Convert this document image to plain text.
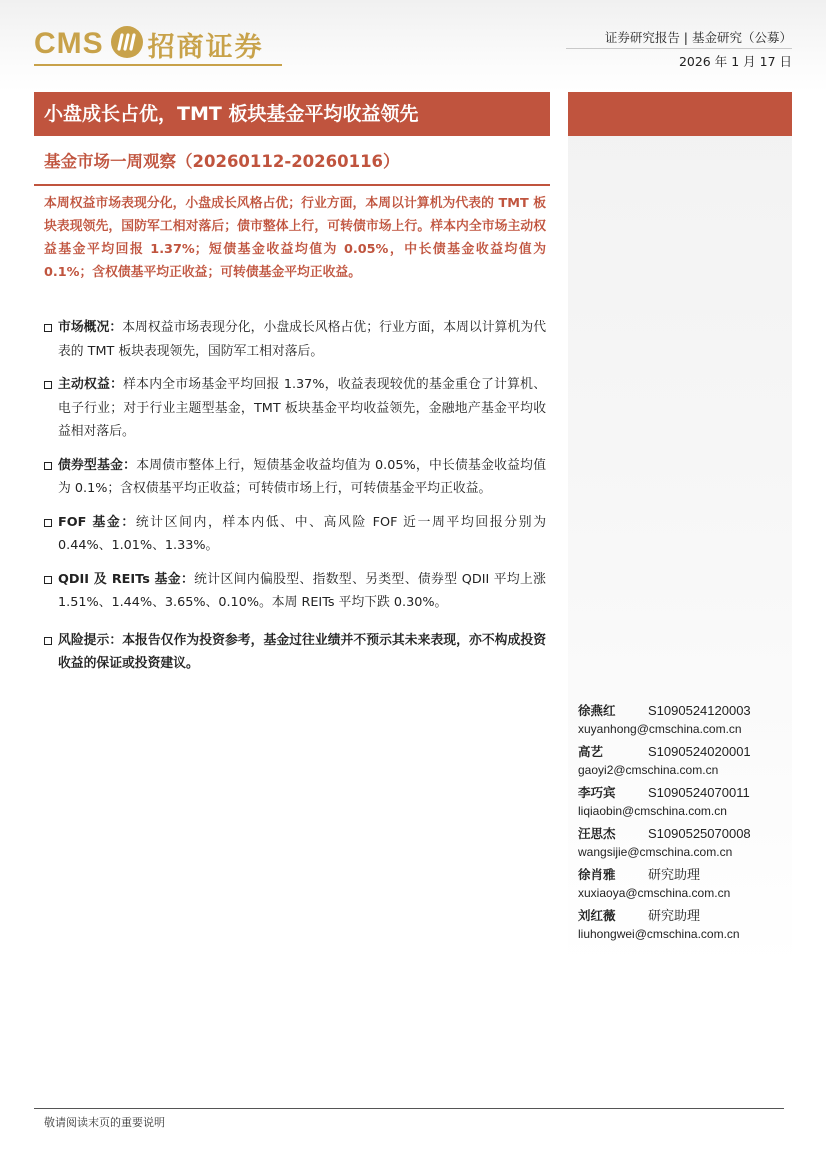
CMS 招商证券	证券研究报告 | 基金研究（公募）
2026 年 1 月 17 日
小盘成长占优，TMT 板块基金平均收益领先
基金市场一周观察（20260112-20260116）
本周权益市场表现分化，小盘成长风格占优；行业方面，本周以计算机为代表的 TMT 板块表现领先，国防军工相对落后；债市整体上行，可转债市场上行。样本内全市场主动权益基金平均回报 1.37%；短债基金收益均值为 0.05%，中长债基金收益均值为 0.1%；含权债基平均正收益；可转债基金平均正收益。
市场概况：本周权益市场表现分化，小盘成长风格占优；行业方面，本周以计算机为代表的 TMT 板块表现领先，国防军工相对落后。
主动权益：样本内全市场基金平均回报 1.37%，收益表现较优的基金重仓了计算机、电子行业；对于行业主题型基金，TMT 板块基金平均收益领先，金融地产基金平均收益相对落后。
债券型基金：本周债市整体上行，短债基金收益均值为 0.05%，中长债基金收益均值为 0.1%；含权债基平均正收益；可转债市场上行，可转债基金平均正收益。
FOF 基金：统计区间内，样本内低、中、高风险 FOF 近一周平均回报分别为 0.44%、1.01%、1.33%。
QDII 及 REITs 基金：统计区间内偏股型、指数型、另类型、债券型 QDII 平均上涨 1.51%、1.44%、3.65%、0.10%。本周 REITs 平均下跌 0.30%。
风险提示：本报告仅作为投资参考，基金过往业绩并不预示其未来表现，亦不构成投资收益的保证或投资建议。
徐燕红	S1090524120003
xuyanhong@cmschina.com.cn
高艺	S1090524020001
gaoyi2@cmschina.com.cn
李巧宾	S1090524070011
liqiaobin@cmschina.com.cn
汪思杰	S1090525070008
wangsijie@cmschina.com.cn
徐肖雅	研究助理
xuxiaoya@cmschina.com.cn
刘红薇	研究助理
liuhongwei@cmschina.com.cn
敬请阅读末页的重要说明
